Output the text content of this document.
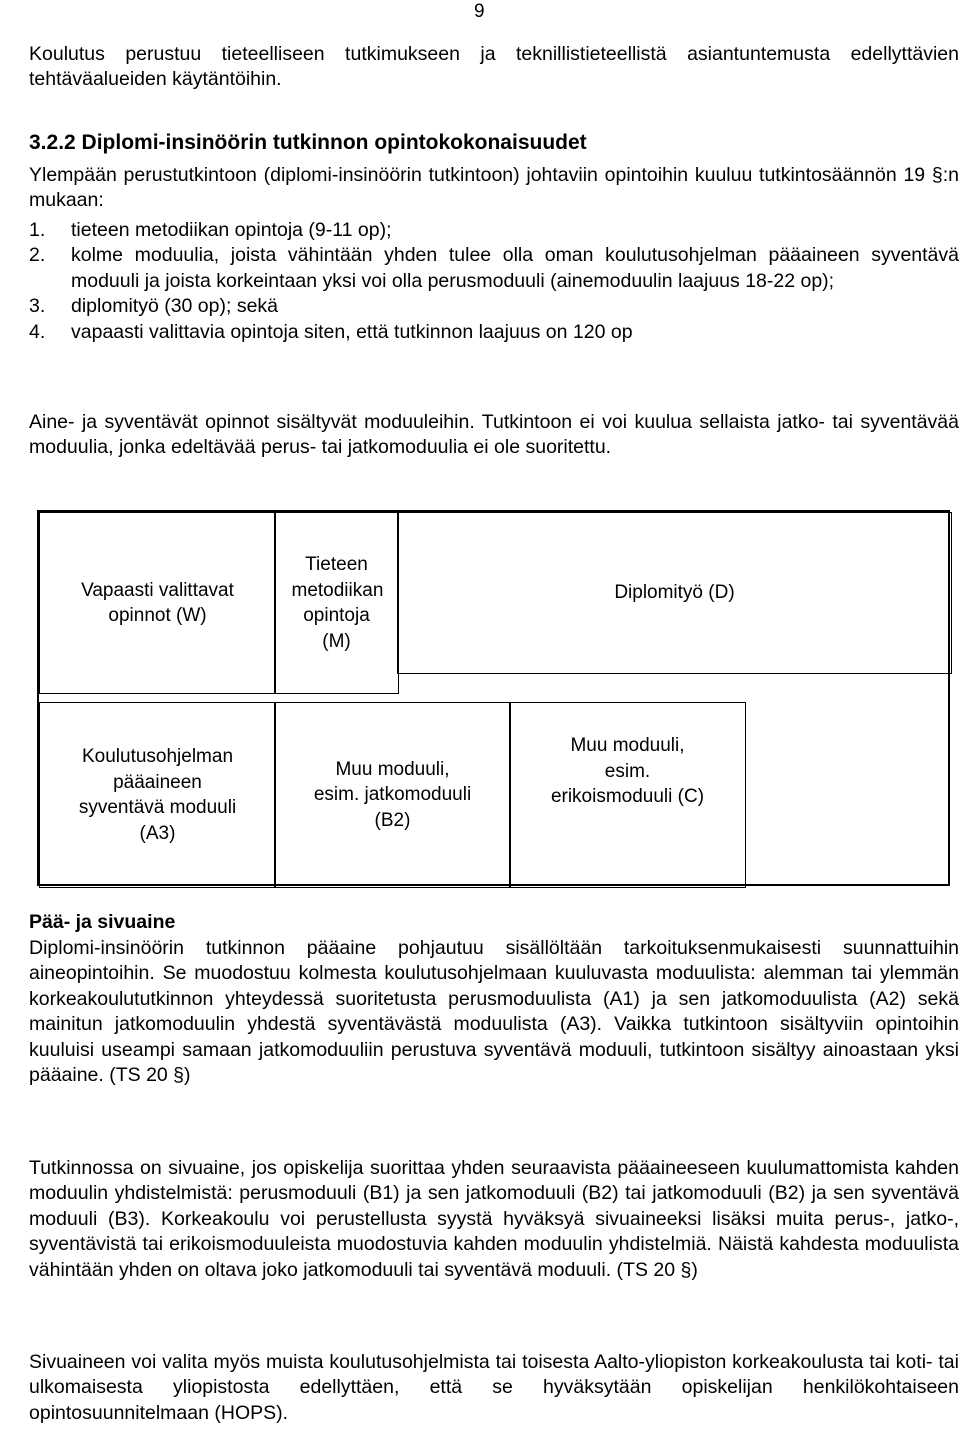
9

Koulutus perustuu tieteelliseen tutkimukseen ja teknillistieteellistä asiantuntemusta edellyttävien tehtäväalueiden käytäntöihin.

3.2.2 Diplomi-insinöörin tutkinnon opintokokonaisuudet

Ylempään perustutkintoon (diplomi-insinöörin tutkintoon) johtaviin opintoihin kuuluu tutkintosäännön 19 §:n mukaan:

1.	tieteen metodiikan opintoja (9-11 op);
2.	kolme moduulia, joista vähintään yhden tulee olla oman koulutusohjelman pääaineen syventävä moduuli ja joista korkeintaan yksi voi olla perusmoduuli (ainemoduulin laajuus 18-22 op);
3.	diplomityö (30 op); sekä
4.	vapaasti valittavia opintoja siten, että tutkinnon laajuus on 120 op

Aine- ja syventävät opinnot sisältyvät moduuleihin. Tutkintoon ei voi kuulua sellaista jatko- tai syventävää moduulia, jonka edeltävää perus- tai jatkomoduulia ei ole suoritettu.

Vapaasti valittavat opinnot (W)
Tieteen metodiikan opintoja (M)
Diplomityö (D)
Koulutusohjelman pääaineen syventävä moduuli (A3)
Muu moduuli, esim. jatkomoduuli (B2)
Muu moduuli, esim. erikoismoduuli (C)
Pää- ja sivuaine

Diplomi-insinöörin tutkinnon pääaine pohjautuu sisällöltään tarkoituksenmukaisesti suunnattuihin aineopintoihin. Se muodostuu kolmesta koulutusohjelmaan kuuluvasta moduulista: alemman tai ylemmän korkeakoulututkinnon yhteydessä suoritetusta perusmoduulista (A1) ja sen jatkomoduulista (A2) sekä mainitun jatkomoduulin yhdestä syventävästä moduulista (A3). Vaikka tutkintoon sisältyviin opintoihin kuuluisi useampi samaan jatkomoduuliin perustuva syventävä moduuli, tutkintoon sisältyy ainoastaan yksi pääaine. (TS 20 §)

Tutkinnossa on sivuaine, jos opiskelija suorittaa yhden seuraavista pääaineeseen kuulumattomista kahden moduulin yhdistelmistä: perusmoduuli (B1) ja sen jatkomoduuli (B2) tai jatkomoduuli (B2) ja sen syventävä moduuli (B3). Korkeakoulu voi perustellusta syystä hyväksyä sivuaineeksi lisäksi muita perus-, jatko-, syventävistä tai erikoismoduuleista muodostuvia kahden moduulin yhdistelmiä. Näistä kahdesta moduulista vähintään yhden on oltava joko jatkomoduuli tai syventävä moduuli. (TS 20 §)

Sivuaineen voi valita myös muista koulutusohjelmista tai toisesta Aalto-yliopiston korkeakoulusta tai koti- tai ulkomaisesta yliopistosta edellyttäen, että se hyväksytään opiskelijan henkilökohtaiseen opintosuunnitelmaan (HOPS).
